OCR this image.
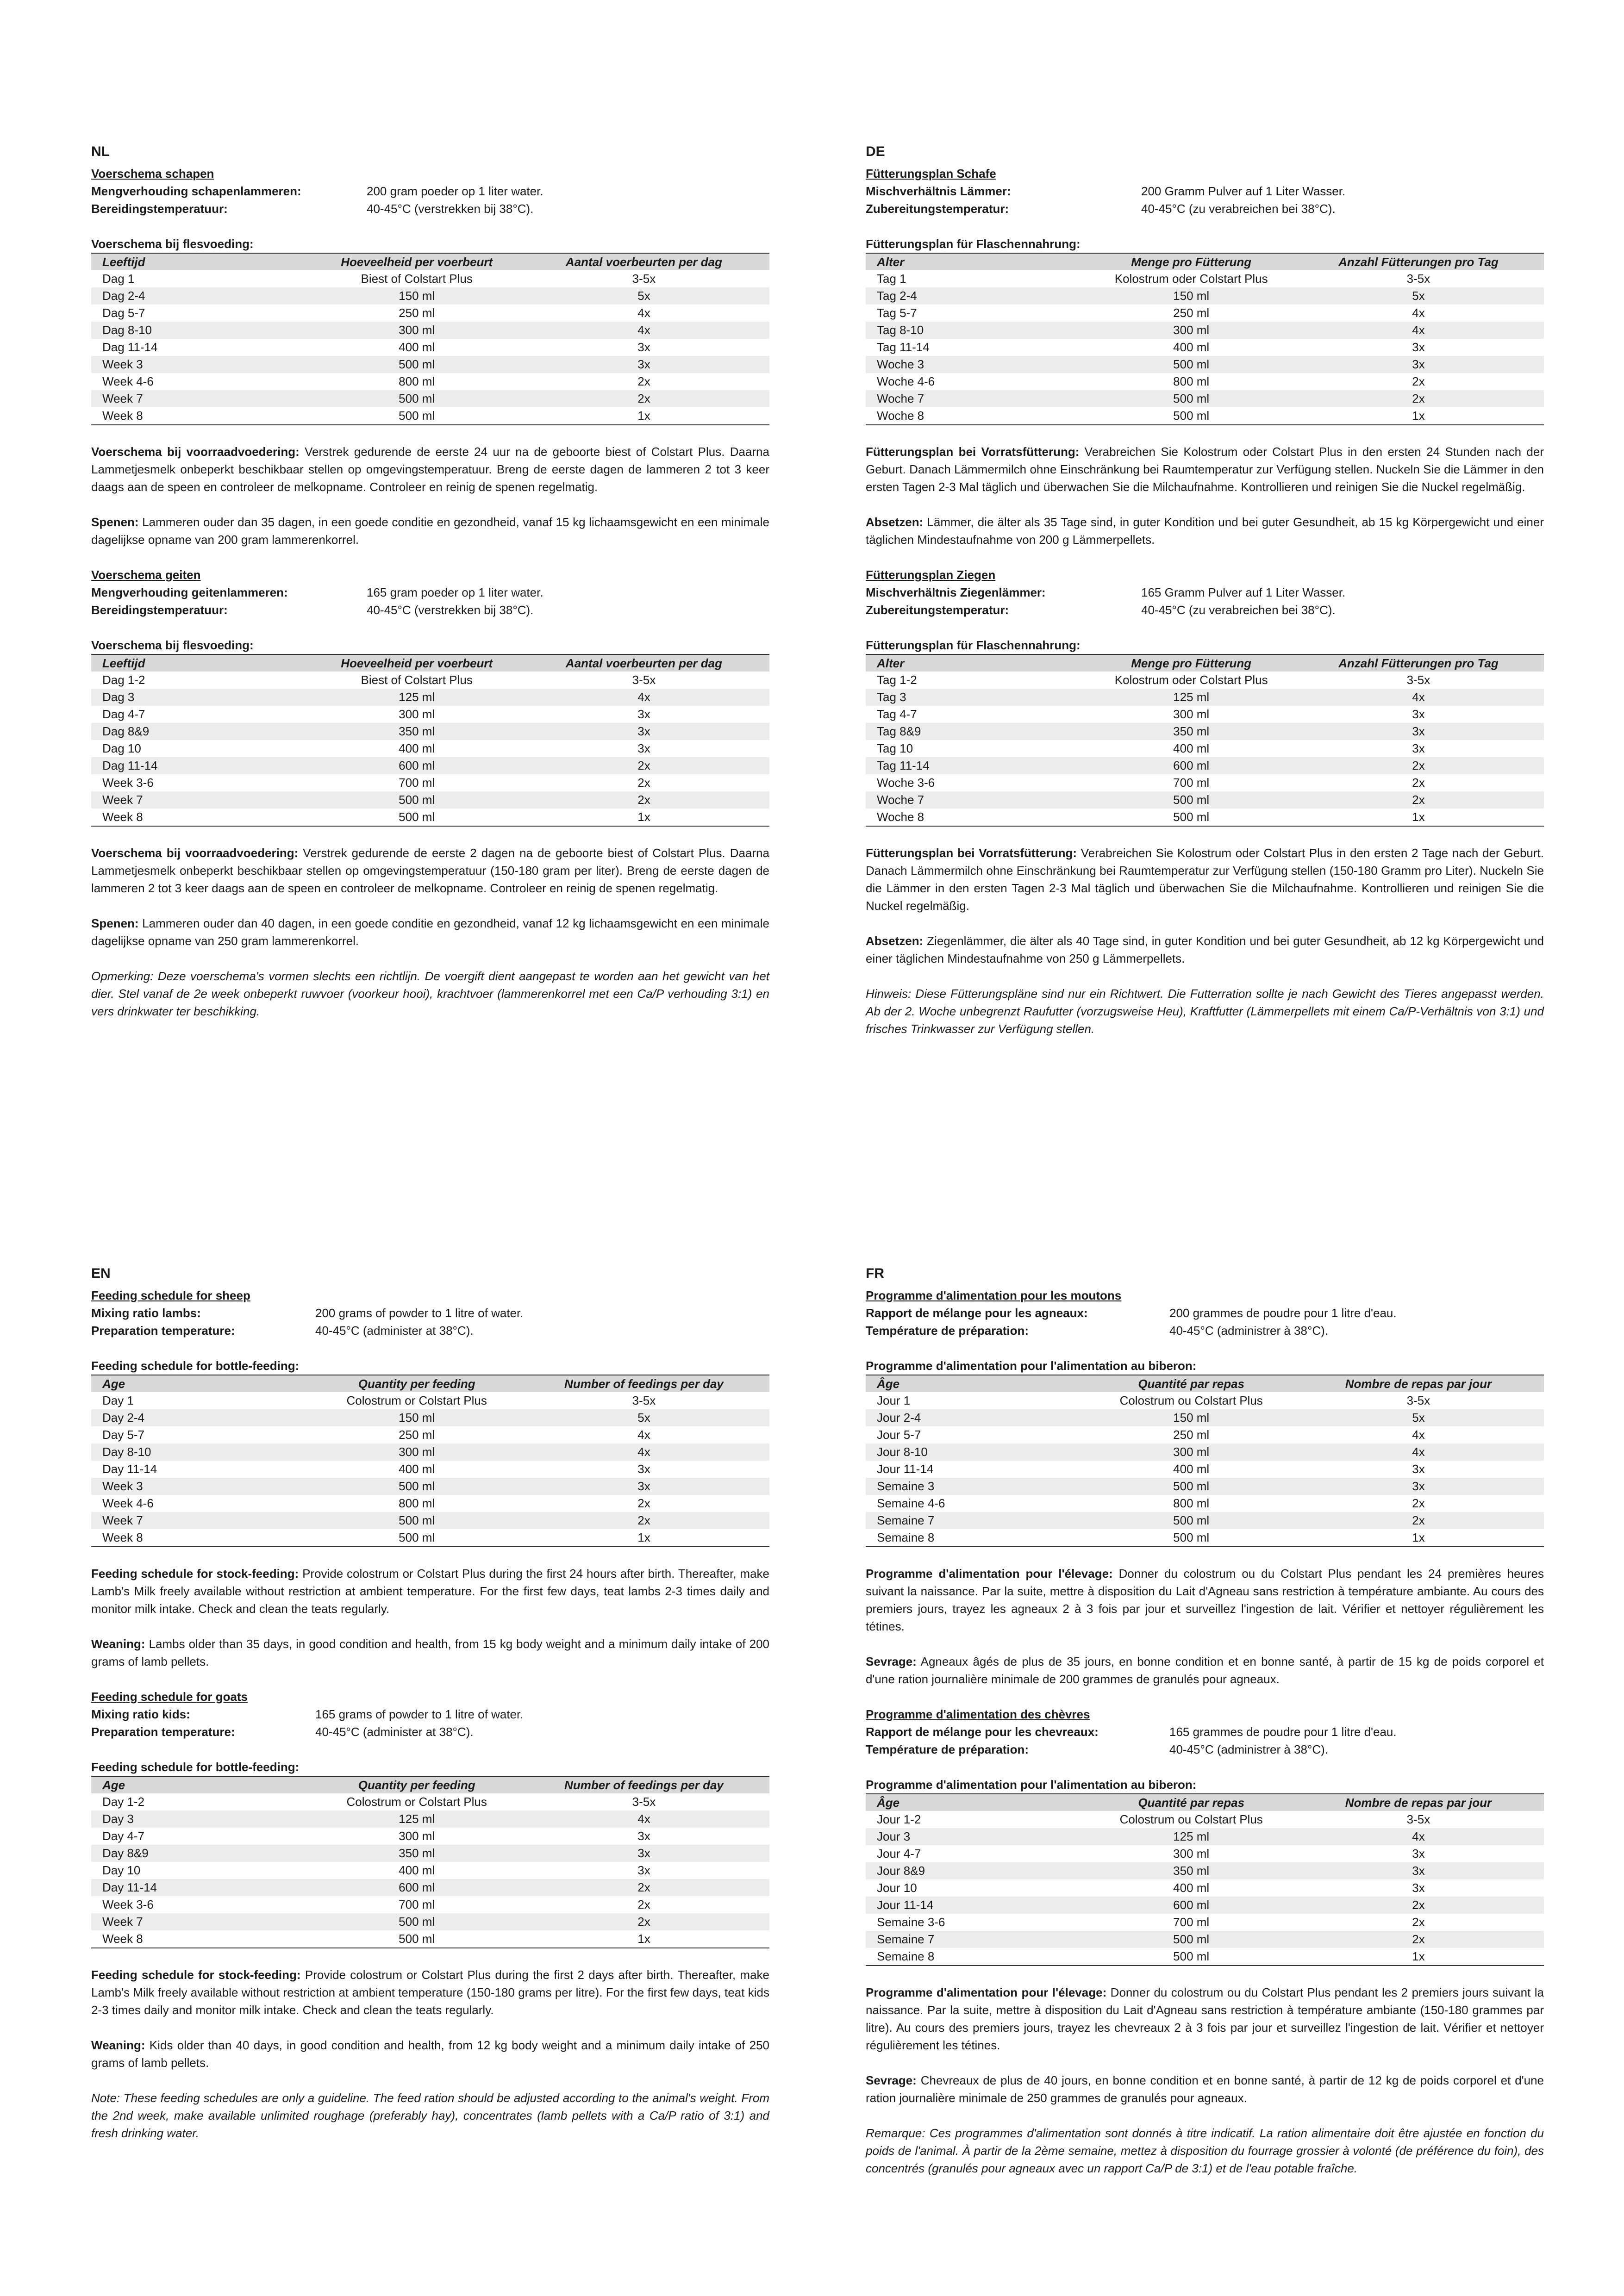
NL

Voerschema schapen

Mengverhouding schapenlammeren:	200 gram poeder op 1 liter water.
Bereidingstemperatuur:	40-45°C (verstrekken bij 38°C).

Voerschema bij flesvoeding:

Leeftijd	Hoeveelheid per voerbeurt	Aantal voerbeurten per dag
Dag 1	Biest of Colstart Plus	3-5x
Dag 2-4	150 ml	5x
Dag 5-7	250 ml	4x
Dag 8-10	300 ml	4x
Dag 11-14	400 ml	3x
Week 3	500 ml	3x
Week 4-6	800 ml	2x
Week 7	500 ml	2x
Week 8	500 ml	1x

Voerschema bij voorraadvoedering: Verstrek gedurende de eerste 24 uur na de geboorte biest of Colstart Plus. Daarna Lammetjesmelk onbeperkt beschikbaar stellen op omgevingstemperatuur. Breng de eerste dagen de lammeren 2 tot 3 keer daags aan de speen en controleer de melkopname. Controleer en reinig de spenen regelmatig.

Spenen: Lammeren ouder dan 35 dagen, in een goede conditie en gezondheid, vanaf 15 kg lichaamsgewicht en een minimale dagelijkse opname van 200 gram lammerenkorrel.

Voerschema geiten

Mengverhouding geitenlammeren:	165 gram poeder op 1 liter water.
Bereidingstemperatuur:	40-45°C (verstrekken bij 38°C).

Voerschema bij flesvoeding:

Leeftijd	Hoeveelheid per voerbeurt	Aantal voerbeurten per dag
Dag 1-2	Biest of Colstart Plus	3-5x
Dag 3	125 ml	4x
Dag 4-7	300 ml	3x
Dag 8&9	350 ml	3x
Dag 10	400 ml	3x
Dag 11-14	600 ml	2x
Week 3-6	700 ml	2x
Week 7	500 ml	2x
Week 8	500 ml	1x

Voerschema bij voorraadvoedering: Verstrek gedurende de eerste 2 dagen na de geboorte biest of Colstart Plus. Daarna Lammetjesmelk onbeperkt beschikbaar stellen op omgevingstemperatuur (150-180 gram per liter). Breng de eerste dagen de lammeren 2 tot 3 keer daags aan de speen en controleer de melkopname. Controleer en reinig de spenen regelmatig.

Spenen: Lammeren ouder dan 40 dagen, in een goede conditie en gezondheid, vanaf 12 kg lichaamsgewicht en een minimale dagelijkse opname van 250 gram lammerenkorrel.

Opmerking: Deze voerschema's vormen slechts een richtlijn. De voergift dient aangepast te worden aan het gewicht van het dier. Stel vanaf de 2e week onbeperkt ruwvoer (voorkeur hooi), krachtvoer (lammerenkorrel met een Ca/P verhouding 3:1) en vers drinkwater ter beschikking.

DE

Fütterungsplan Schafe

Mischverhältnis Lämmer:	200 Gramm Pulver auf 1 Liter Wasser.
Zubereitungstemperatur:	40-45°C (zu verabreichen bei 38°C).

Fütterungsplan für Flaschennahrung:

Alter	Menge pro Fütterung	Anzahl Fütterungen pro Tag
Tag 1	Kolostrum oder Colstart Plus	3-5x
Tag 2-4	150 ml	5x
Tag 5-7	250 ml	4x
Tag 8-10	300 ml	4x
Tag 11-14	400 ml	3x
Woche 3	500 ml	3x
Woche 4-6	800 ml	2x
Woche 7	500 ml	2x
Woche 8	500 ml	1x

Fütterungsplan bei Vorratsfütterung: Verabreichen Sie Kolostrum oder Colstart Plus in den ersten 24 Stunden nach der Geburt. Danach Lämmermilch ohne Einschränkung bei Raumtemperatur zur Verfügung stellen. Nuckeln Sie die Lämmer in den ersten Tagen 2-3 Mal täglich und überwachen Sie die Milchaufnahme. Kontrollieren und reinigen Sie die Nuckel regelmäßig.

Absetzen: Lämmer, die älter als 35 Tage sind, in guter Kondition und bei guter Gesundheit, ab 15 kg Körpergewicht und einer täglichen Mindestaufnahme von 200 g Lämmerpellets.

Fütterungsplan Ziegen

Mischverhältnis Ziegenlämmer:	165 Gramm Pulver auf 1 Liter Wasser.
Zubereitungstemperatur:	40-45°C (zu verabreichen bei 38°C).

Fütterungsplan für Flaschennahrung:

Alter	Menge pro Fütterung	Anzahl Fütterungen pro Tag
Tag 1-2	Kolostrum oder Colstart Plus	3-5x
Tag 3	125 ml	4x
Tag 4-7	300 ml	3x
Tag 8&9	350 ml	3x
Tag 10	400 ml	3x
Tag 11-14	600 ml	2x
Woche 3-6	700 ml	2x
Woche 7	500 ml	2x
Woche 8	500 ml	1x

Fütterungsplan bei Vorratsfütterung: Verabreichen Sie Kolostrum oder Colstart Plus in den ersten 2 Tage nach der Geburt. Danach Lämmermilch ohne Einschränkung bei Raumtemperatur zur Verfügung stellen (150-180 Gramm pro Liter). Nuckeln Sie die Lämmer in den ersten Tagen 2-3 Mal täglich und überwachen Sie die Milchaufnahme. Kontrollieren und reinigen Sie die Nuckel regelmäßig.

Absetzen: Ziegenlämmer, die älter als 40 Tage sind, in guter Kondition und bei guter Gesundheit, ab 12 kg Körpergewicht und einer täglichen Mindestaufnahme von 250 g Lämmerpellets.

Hinweis: Diese Fütterungspläne sind nur ein Richtwert. Die Futterration sollte je nach Gewicht des Tieres angepasst werden. Ab der 2. Woche unbegrenzt Raufutter (vorzugsweise Heu), Kraftfutter (Lämmerpellets mit einem Ca/P-Verhältnis von 3:1) und frisches Trinkwasser zur Verfügung stellen.

EN

Feeding schedule for sheep

Mixing ratio lambs:	200 grams of powder to 1 litre of water.
Preparation temperature:	40-45°C (administer at 38°C).

Feeding schedule for bottle-feeding:

Age	Quantity per feeding	Number of feedings per day
Day 1	Colostrum or Colstart Plus	3-5x
Day 2-4	150 ml	5x
Day 5-7	250 ml	4x
Day 8-10	300 ml	4x
Day 11-14	400 ml	3x
Week 3	500 ml	3x
Week 4-6	800 ml	2x
Week 7	500 ml	2x
Week 8	500 ml	1x

Feeding schedule for stock-feeding: Provide colostrum or Colstart Plus during the first 24 hours after birth. Thereafter, make Lamb's Milk freely available without restriction at ambient temperature. For the first few days, teat lambs 2-3 times daily and monitor milk intake. Check and clean the teats regularly.

Weaning: Lambs older than 35 days, in good condition and health, from 15 kg body weight and a minimum daily intake of 200 grams of lamb pellets.

Feeding schedule for goats

Mixing ratio kids:	165 grams of powder to 1 litre of water.
Preparation temperature:	40-45°C (administer at 38°C).

Feeding schedule for bottle-feeding:

Age	Quantity per feeding	Number of feedings per day
Day 1-2	Colostrum or Colstart Plus	3-5x
Day 3	125 ml	4x
Day 4-7	300 ml	3x
Day 8&9	350 ml	3x
Day 10	400 ml	3x
Day 11-14	600 ml	2x
Week 3-6	700 ml	2x
Week 7	500 ml	2x
Week 8	500 ml	1x

Feeding schedule for stock-feeding: Provide colostrum or Colstart Plus during the first 2 days after birth. Thereafter, make Lamb's Milk freely available without restriction at ambient temperature (150-180 grams per litre). For the first few days, teat kids 2-3 times daily and monitor milk intake. Check and clean the teats regularly.

Weaning: Kids older than 40 days, in good condition and health, from 12 kg body weight and a minimum daily intake of 250 grams of lamb pellets.

Note: These feeding schedules are only a guideline. The feed ration should be adjusted according to the animal's weight. From the 2nd week, make available unlimited roughage (preferably hay), concentrates (lamb pellets with a Ca/P ratio of 3:1) and fresh drinking water.

FR

Programme d'alimentation pour les moutons

Rapport de mélange pour les agneaux:	200 grammes de poudre pour 1 litre d'eau.
Température de préparation:	40-45°C (administrer à 38°C).

Programme d'alimentation pour l'alimentation au biberon:

Âge	Quantité par repas	Nombre de repas par jour
Jour 1	Colostrum ou Colstart Plus	3-5x
Jour 2-4	150 ml	5x
Jour 5-7	250 ml	4x
Jour 8-10	300 ml	4x
Jour 11-14	400 ml	3x
Semaine 3	500 ml	3x
Semaine 4-6	800 ml	2x
Semaine 7	500 ml	2x
Semaine 8	500 ml	1x

Programme d'alimentation pour l'élevage: Donner du colostrum ou du Colstart Plus pendant les 24 premières heures suivant la naissance. Par la suite, mettre à disposition du Lait d'Agneau sans restriction à température ambiante. Au cours des premiers jours, trayez les agneaux 2 à 3 fois par jour et surveillez l'ingestion de lait. Vérifier et nettoyer régulièrement les tétines.

Sevrage: Agneaux âgés de plus de 35 jours, en bonne condition et en bonne santé, à partir de 15 kg de poids corporel et d'une ration journalière minimale de 200 grammes de granulés pour agneaux.

Programme d'alimentation des chèvres

Rapport de mélange pour les chevreaux:	165 grammes de poudre pour 1 litre d'eau.
Température de préparation:	40-45°C (administrer à 38°C).

Programme d'alimentation pour l'alimentation au biberon:

Âge	Quantité par repas	Nombre de repas par jour
Jour 1-2	Colostrum ou Colstart Plus	3-5x
Jour 3	125 ml	4x
Jour 4-7	300 ml	3x
Jour 8&9	350 ml	3x
Jour 10	400 ml	3x
Jour 11-14	600 ml	2x
Semaine 3-6	700 ml	2x
Semaine 7	500 ml	2x
Semaine 8	500 ml	1x

Programme d'alimentation pour l'élevage: Donner du colostrum ou du Colstart Plus pendant les 2 premiers jours suivant la naissance. Par la suite, mettre à disposition du Lait d'Agneau sans restriction à température ambiante (150-180 grammes par litre). Au cours des premiers jours, trayez les chevreaux 2 à 3 fois par jour et surveillez l'ingestion de lait. Vérifier et nettoyer régulièrement les tétines.

Sevrage: Chevreaux de plus de 40 jours, en bonne condition et en bonne santé, à partir de 12 kg de poids corporel et d'une ration journalière minimale de 250 grammes de granulés pour agneaux.

Remarque: Ces programmes d'alimentation sont donnés à titre indicatif. La ration alimentaire doit être ajustée en fonction du poids de l'animal. À partir de la 2ème semaine, mettez à disposition du fourrage grossier à volonté (de préférence du foin), des concentrés (granulés pour agneaux avec un rapport Ca/P de 3:1) et de l'eau potable fraîche.
